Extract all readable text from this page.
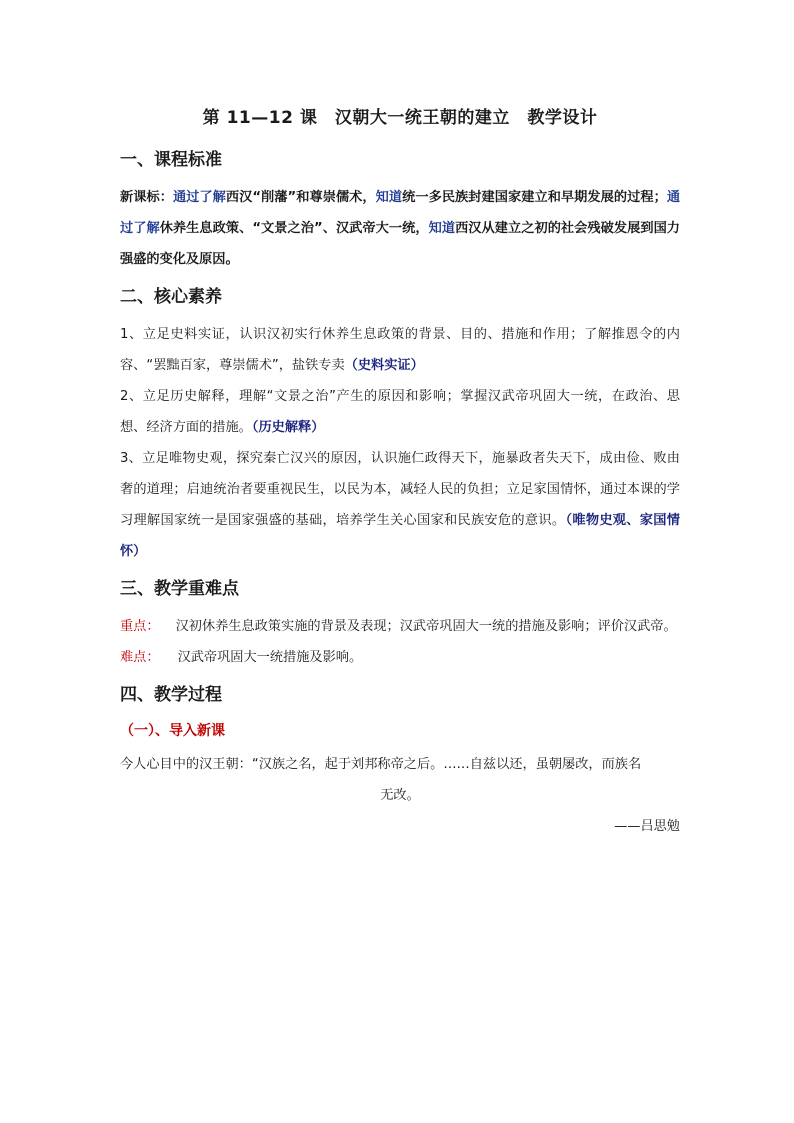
第 11—12 课　汉朝大一统王朝的建立　教学设计
一、课程标准

新课标：通过了解西汉“削藩”和尊崇儒术，知道统一多民族封建国家建立和早期发展的过程；通过了解休养生息政策、“文景之治”、汉武帝大一统，知道西汉从建立之初的社会残破发展到国力强盛的变化及原因。

二、核心素养

1、立足史料实证，认识汉初实行休养生息政策的背景、目的、措施和作用；了解推恩令的内容、“罢黜百家，尊崇儒术”，盐铁专卖（史料实证）

2、立足历史解释，理解“文景之治”产生的原因和影响；掌握汉武帝巩固大一统，在政治、思想、经济方面的措施。（历史解释）

3、立足唯物史观，探究秦亡汉兴的原因，认识施仁政得天下，施暴政者失天下，成由俭、败由奢的道理；启迪统治者要重视民生，以民为本，减轻人民的负担；立足家国情怀，通过本课的学习理解国家统一是国家强盛的基础，培养学生关心国家和民族安危的意识。（唯物史观、家国情怀）

三、教学重难点

重点： 汉初休养生息政策实施的背景及表现；汉武帝巩固大一统的措施及影响；评价汉武帝。

难点： 汉武帝巩固大一统措施及影响。

四、教学过程
（一）、导入新课

今人心目中的汉王朝：“汉族之名，起于刘邦称帝之后。……自兹以还，虽朝屡改，而族名

无改。

——吕思勉
